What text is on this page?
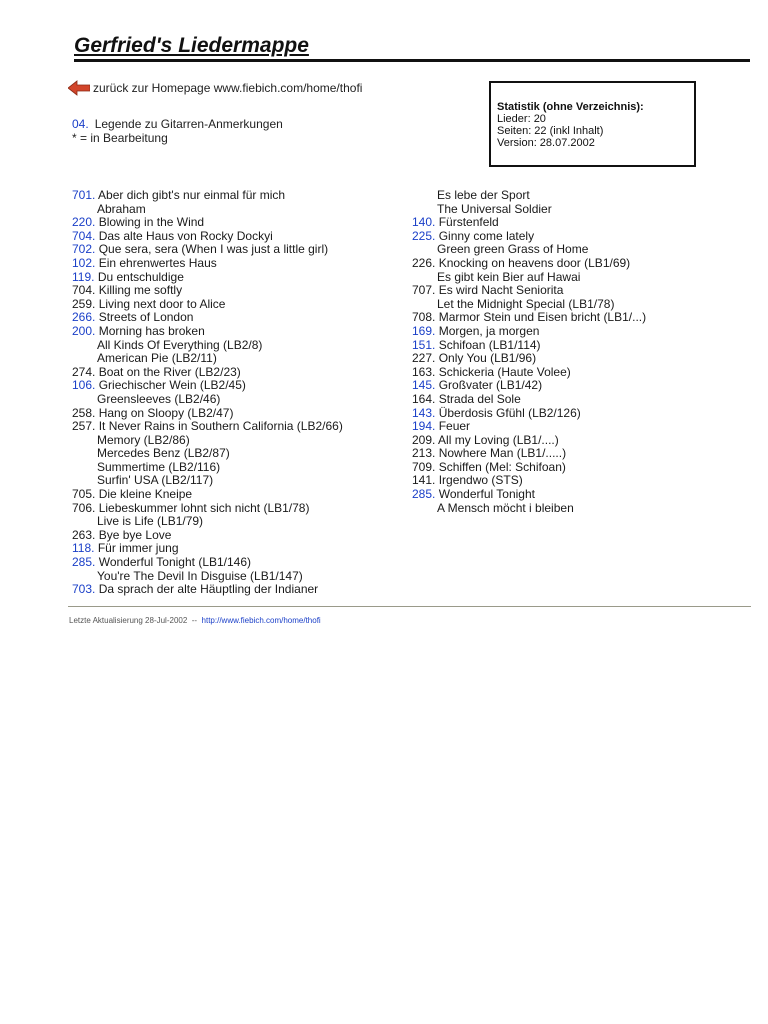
Gerfried's Liedermappe
zurück zur Homepage www.fiebich.com/home/thofi
04. Legende zu Gitarren-Anmerkungen
* = in Bearbeitung
Statistik (ohne Verzeichnis):
Lieder: 20
Seiten: 22 (inkl Inhalt)
Version: 28.07.2002
701. Aber dich gibt's nur einmal für mich
Abraham
220. Blowing in the Wind
704. Das alte Haus von Rocky Dockyi
702. Que sera, sera (When I was just a little girl)
102. Ein ehrenwertes Haus
119. Du entschuldige
704. Killing me softly
259. Living next door to Alice
266. Streets of London
200. Morning has broken
All Kinds Of Everything (LB2/8)
American Pie (LB2/11)
274. Boat on the River (LB2/23)
106. Griechischer Wein (LB2/45)
Greensleeves (LB2/46)
258. Hang on Sloopy (LB2/47)
257. It Never Rains in Southern California (LB2/66)
Memory (LB2/86)
Mercedes Benz (LB2/87)
Summertime (LB2/116)
Surfin' USA (LB2/117)
705. Die kleine Kneipe
706. Liebeskummer lohnt sich nicht (LB1/78)
Live is Life (LB1/79)
263. Bye bye Love
118. Für immer jung
285. Wonderful Tonight (LB1/146)
You're The Devil In Disguise (LB1/147)
703. Da sprach der alte Häuptling der Indianer
Es lebe der Sport
The Universal Soldier
140. Fürstenfeld
225. Ginny come lately
Green green Grass of Home
226. Knocking on heavens door (LB1/69)
Es gibt kein Bier auf Hawai
707. Es wird Nacht Seniorita
Let the Midnight Special (LB1/78)
708. Marmor Stein und Eisen bricht (LB1/...)
169. Morgen, ja morgen
151. Schifoan (LB1/114)
227. Only You (LB1/96)
163. Schickeria (Haute Volee)
145. Großvater (LB1/42)
164. Strada del Sole
143. Überdosis Gfühl (LB2/126)
194. Feuer
209. All my Loving (LB1/....)
213. Nowhere Man (LB1/.....)
709. Schiffen (Mel: Schifoan)
141. Irgendwo (STS)
285. Wonderful Tonight
A Mensch möcht i bleiben
Letzte Aktualisierung 28-Jul-2002 -- http://www.fiebich.com/home/thofi
